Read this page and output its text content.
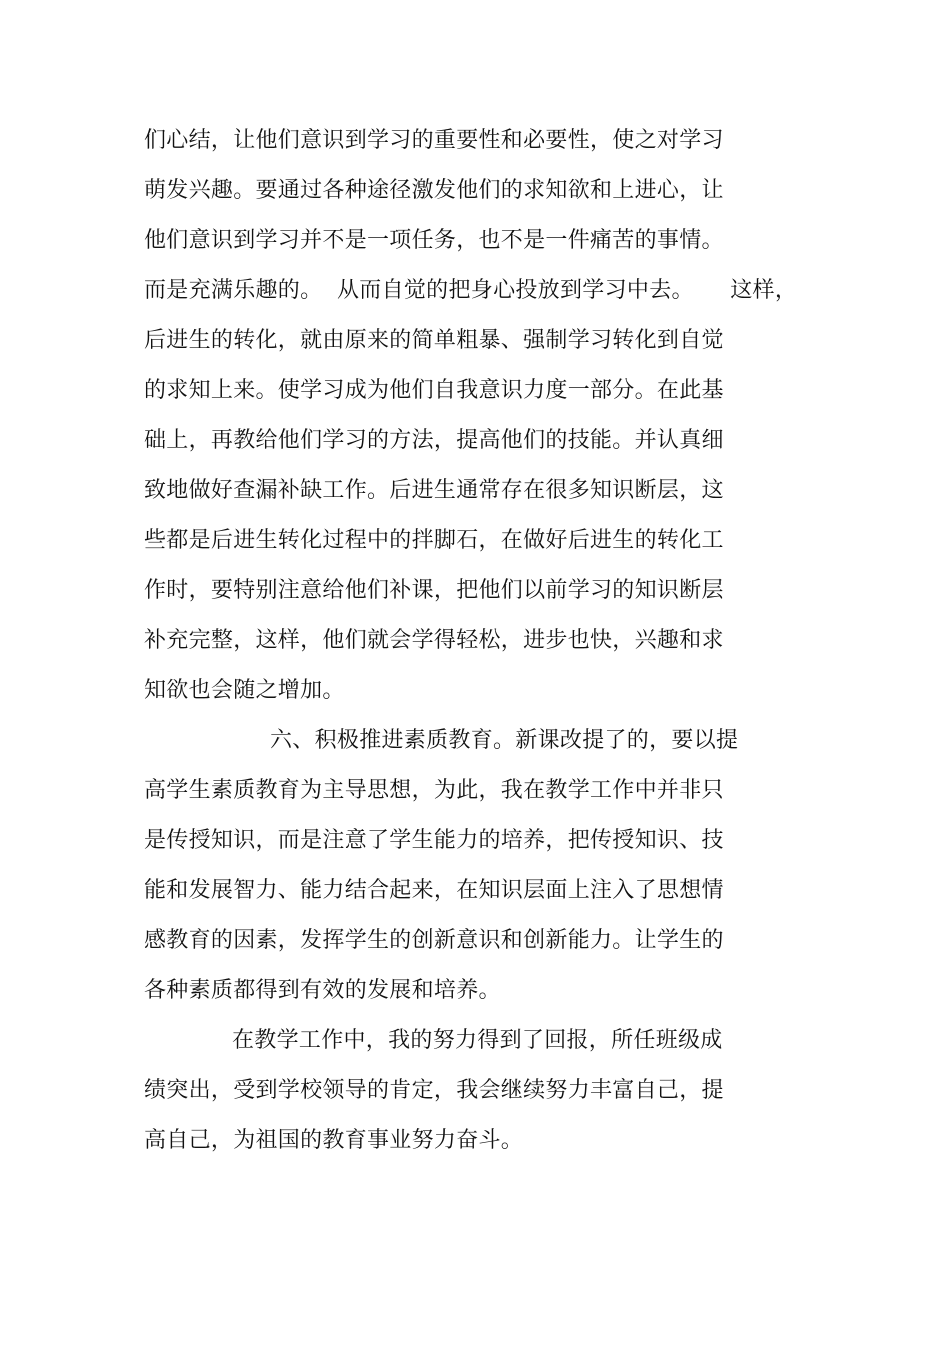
们心结，让他们意识到学习的重要性和必要性，使之对学习
萌发兴趣。要通过各种途径激发他们的求知欲和上进心，让
他们意识到学习并不是一项任务，也不是一件痛苦的事情。
而是充满乐趣的。  从而自觉的把身心投放到学习中去。     这样，
后进生的转化，就由原来的简单粗暴、强制学习转化到自觉
的求知上来。使学习成为他们自我意识力度一部分。在此基
础上，再教给他们学习的方法，提高他们的技能。并认真细
致地做好查漏补缺工作。后进生通常存在很多知识断层，这
些都是后进生转化过程中的拌脚石，在做好后进生的转化工
作时，要特别注意给他们补课，把他们以前学习的知识断层
补充完整，这样，他们就会学得轻松，进步也快，兴趣和求
知欲也会随之增加。
六、积极推进素质教育。新课改提了的，要以提
高学生素质教育为主导思想，为此，我在教学工作中并非只
是传授知识，而是注意了学生能力的培养，把传授知识、技
能和发展智力、能力结合起来，在知识层面上注入了思想情
感教育的因素，发挥学生的创新意识和创新能力。让学生的
各种素质都得到有效的发展和培养。
在教学工作中，我的努力得到了回报，所任班级成
绩突出，受到学校领导的肯定，我会继续努力丰富自己，提
高自己，为祖国的教育事业努力奋斗。
